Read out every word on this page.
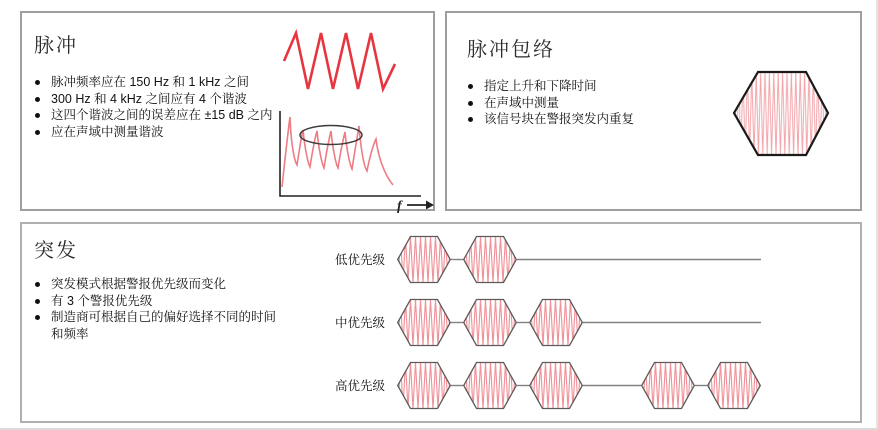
脉冲
脉冲频率应在 150 Hz 和 1 kHz 之间
300 Hz 和 4 kHz 之间应有 4 个谐波
这四个谐波之间的误差应在 ±15 dB 之内
应在声域中测量谐波
f
脉冲包络
指定上升和下降时间
在声域中测量
该信号块在警报突发内重复
突发
突发模式根据警报优先级而变化
有 3 个警报优先级
制造商可根据自己的偏好选择不同的时间和频率
低优先级
中优先级
高优先级
